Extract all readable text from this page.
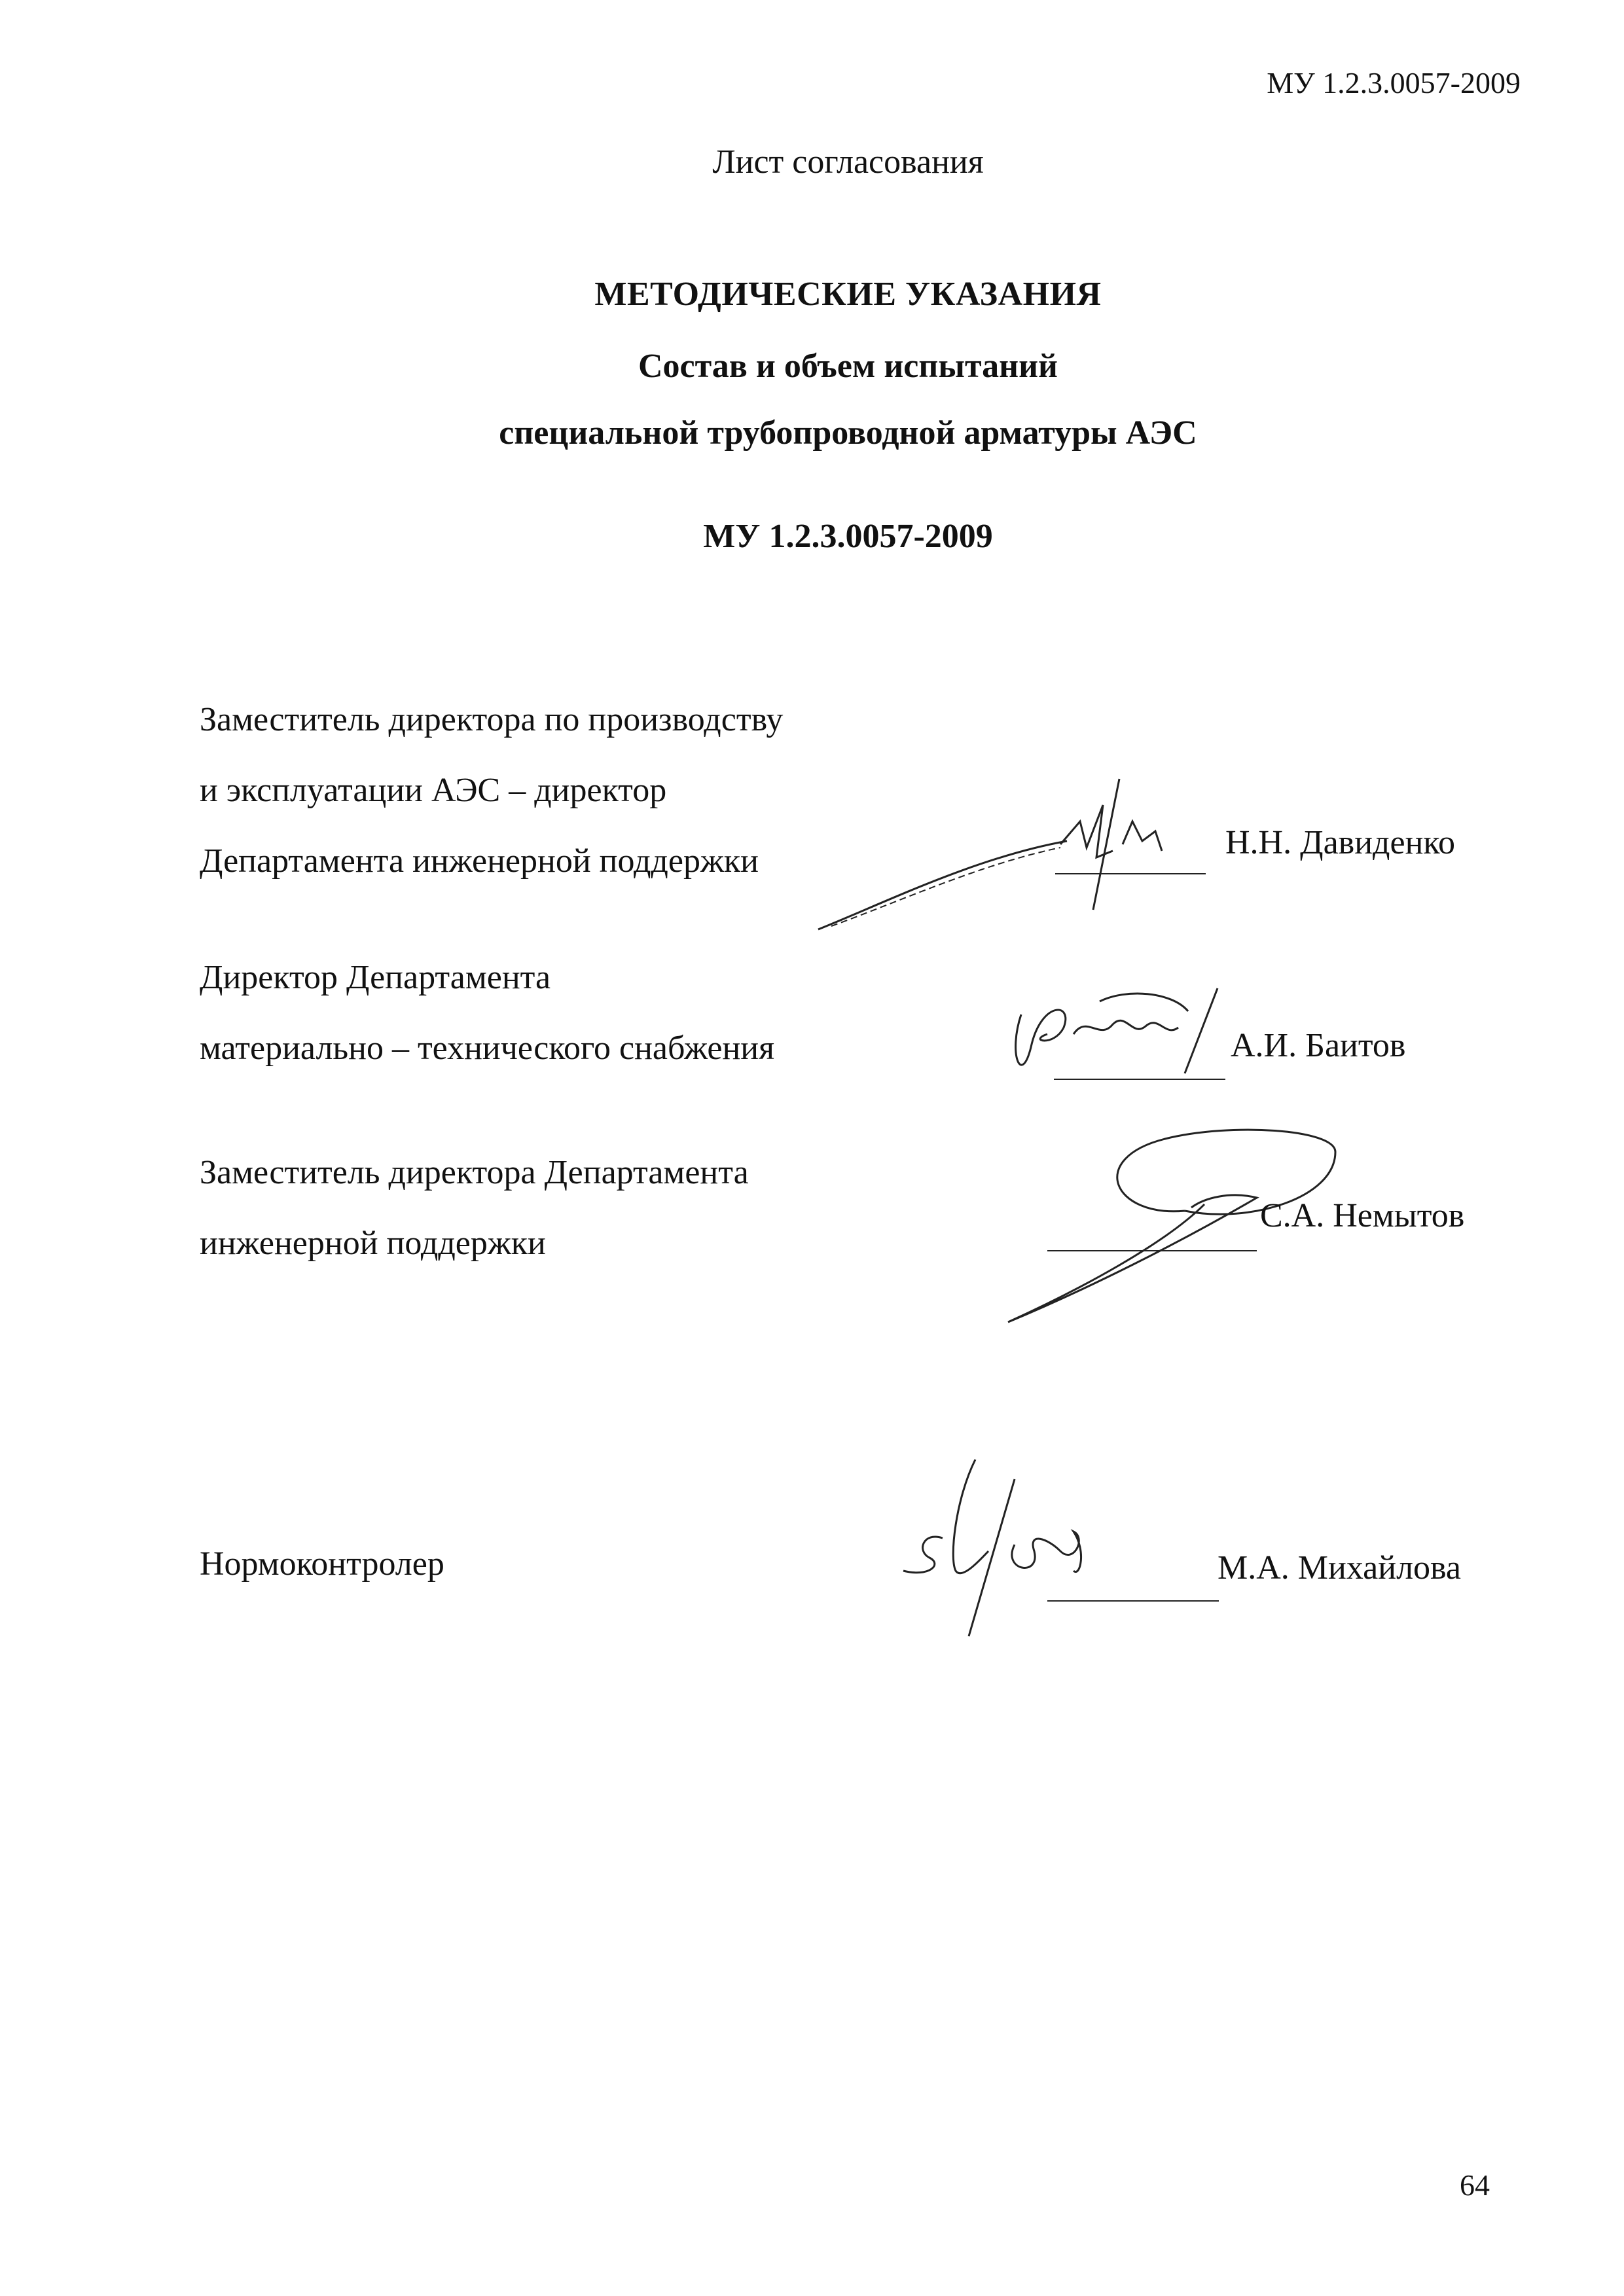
МУ 1.2.3.0057-2009
Лист согласования
МЕТОДИЧЕСКИЕ УКАЗАНИЯ
Состав и объем испытаний
специальной трубопроводной арматуры АЭС
МУ 1.2.3.0057-2009
Заместитель директора по производству
и эксплуатации АЭС – директор
Департамента инженерной поддержки	Н.Н. Давиденко
Директор Департамента
материально – технического снабжения	А.И. Баитов
Заместитель директора Департамента
инженерной поддержки
С.А. Немытов
Нормоконтролер	М.А. Михайлова
64
